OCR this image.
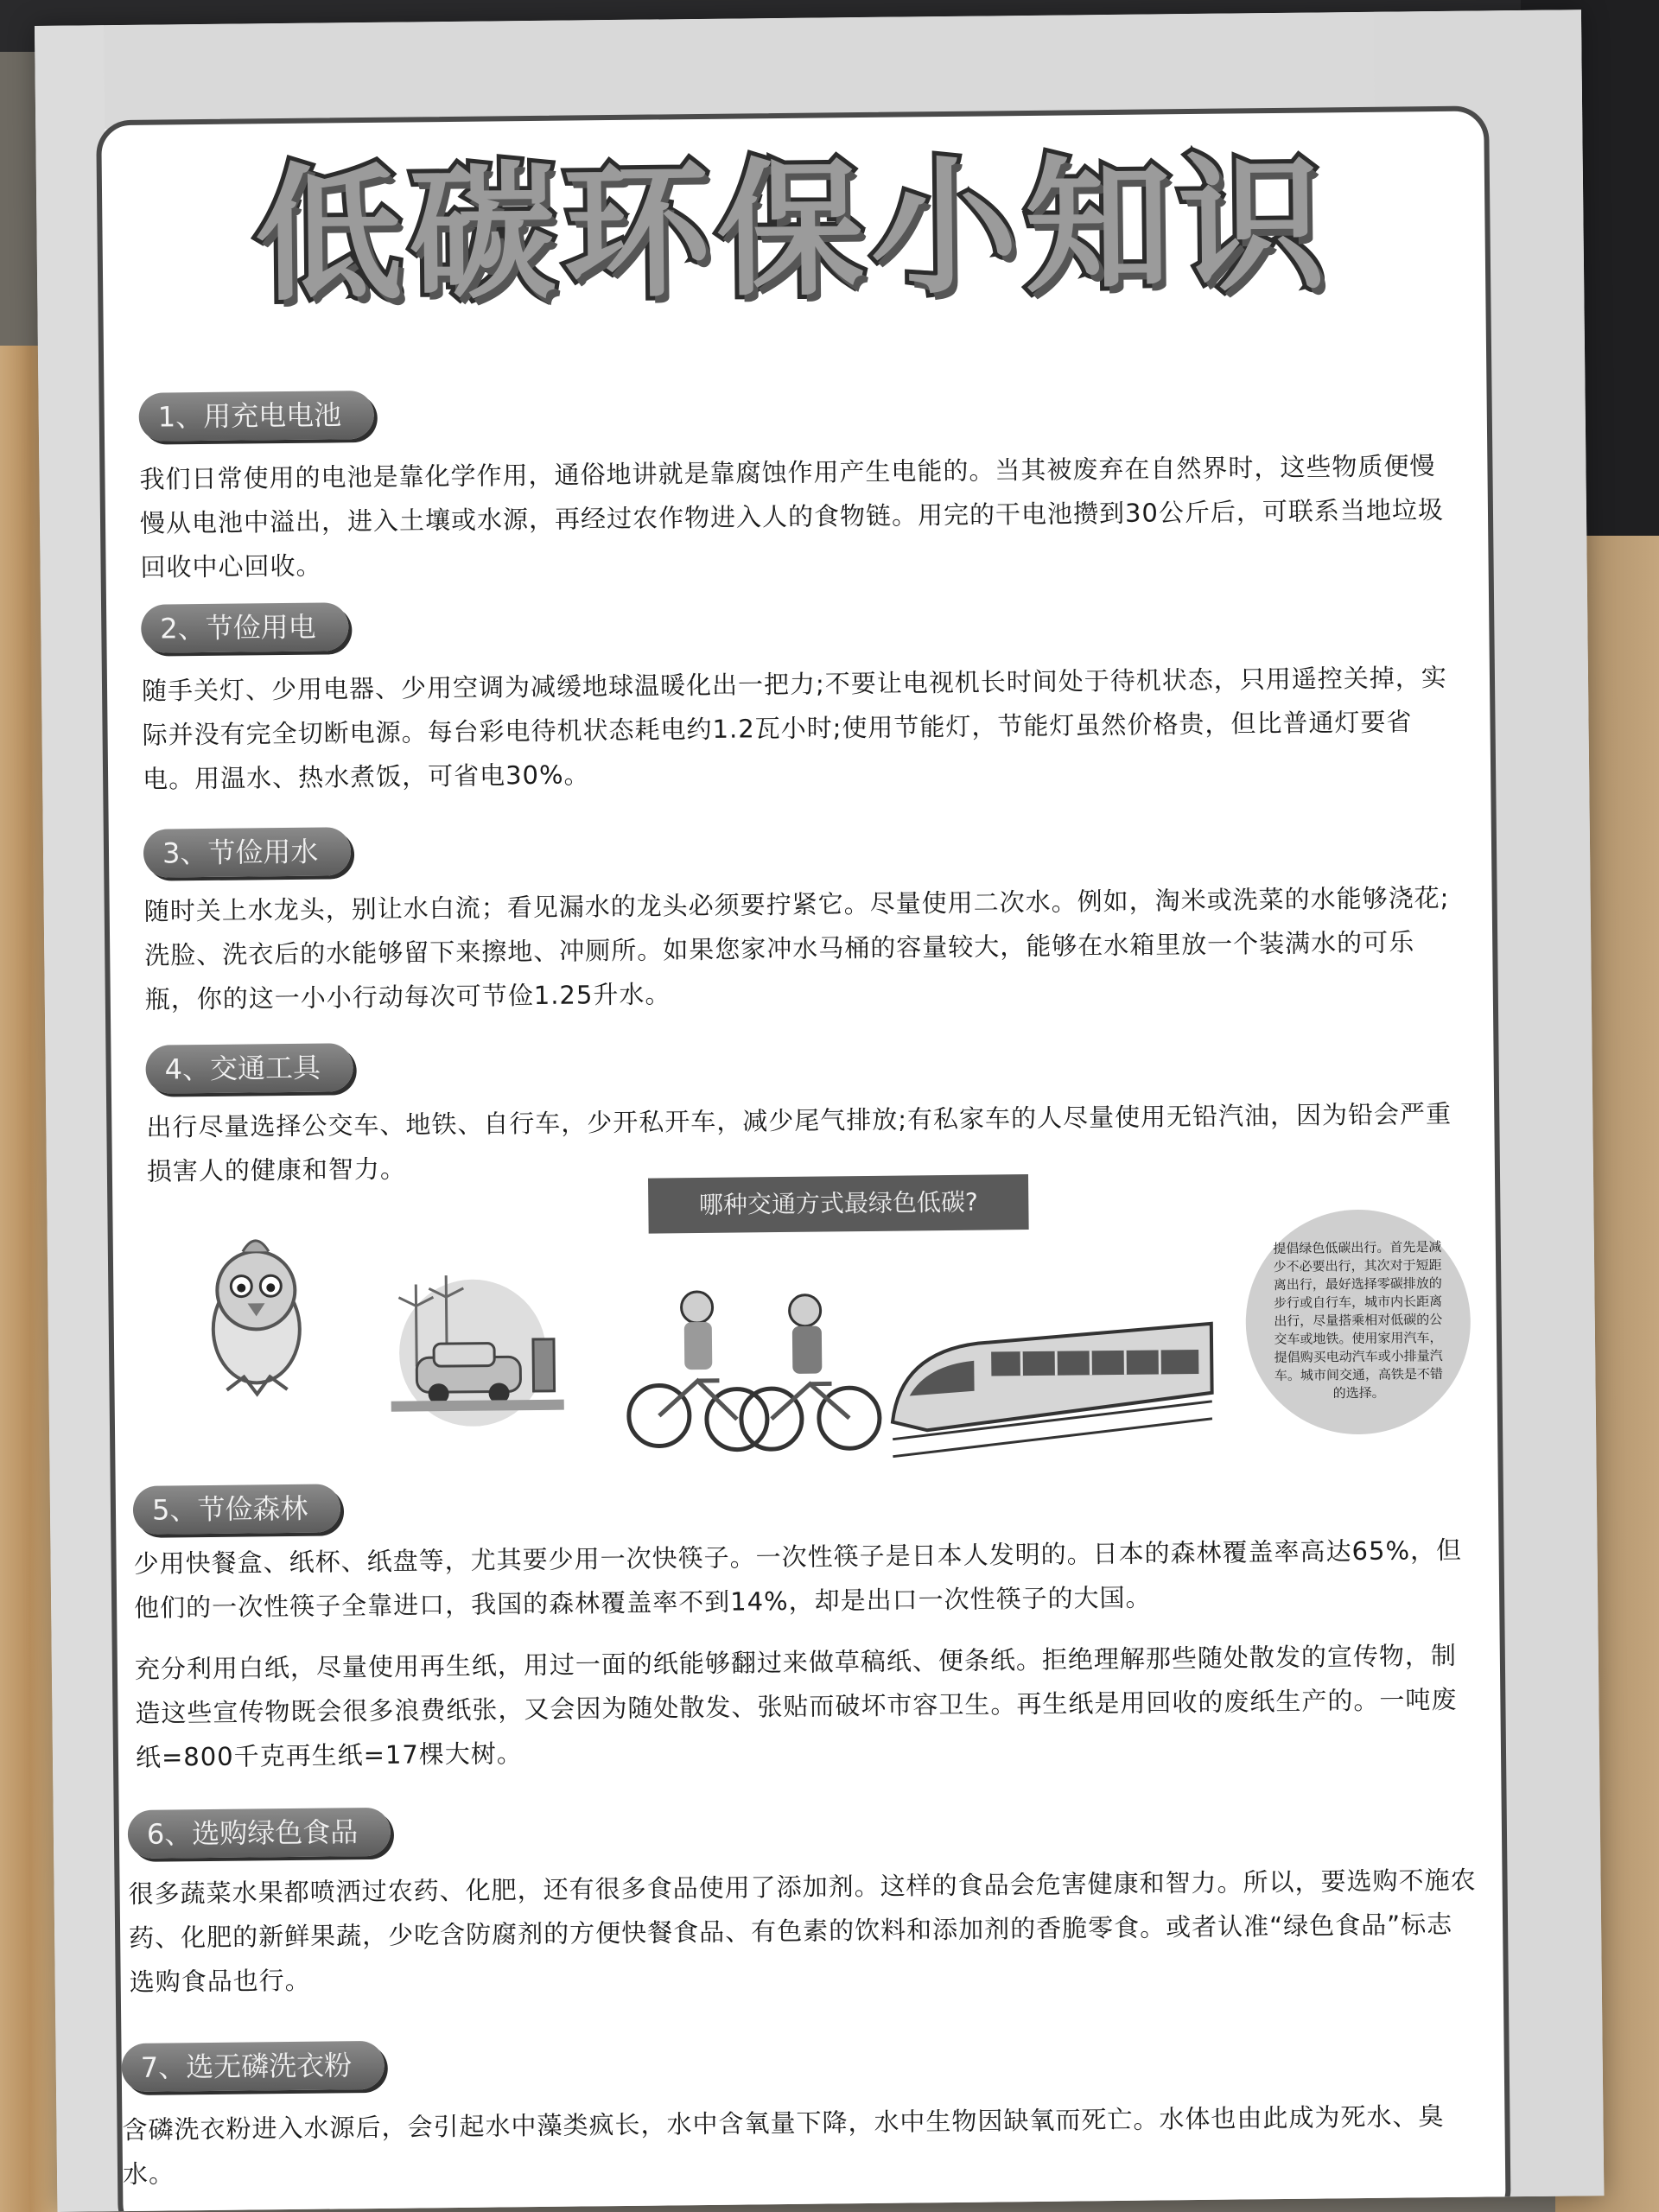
低碳环保小知识
1、用充电电池
我们日常使用的电池是靠化学作用，通俗地讲就是靠腐蚀作用产生电能的。当其被废弃在自然界时，这些物质便慢慢从电池中溢出，进入土壤或水源，再经过农作物进入人的食物链。用完的干电池攒到30公斤后，可联系当地垃圾回收中心回收。
2、节俭用电
随手关灯、少用电器、少用空调为减缓地球温暖化出一把力;不要让电视机长时间处于待机状态，只用遥控关掉，实际并没有完全切断电源。每台彩电待机状态耗电约1.2瓦小时;使用节能灯，节能灯虽然价格贵，但比普通灯要省电。用温水、热水煮饭，可省电30%。
3、节俭用水
随时关上水龙头，别让水白流；看见漏水的龙头必须要拧紧它。尽量使用二次水。例如，淘米或洗菜的水能够浇花;洗脸、洗衣后的水能够留下来擦地、冲厕所。如果您家冲水马桶的容量较大，能够在水箱里放一个装满水的可乐瓶，你的这一小小行动每次可节俭1.25升水。
4、交通工具
出行尽量选择公交车、地铁、自行车，少开私开车，减少尾气排放;有私家车的人尽量使用无铅汽油，因为铅会严重损害人的健康和智力。
哪种交通方式最绿色低碳?
提倡绿色低碳出行。首先是减少不必要出行，其次对于短距离出行，最好选择零碳排放的步行或自行车，城市内长距离出行，尽量搭乘相对低碳的公交车或地铁。使用家用汽车，提倡购买电动汽车或小排量汽车。城市间交通，高铁是不错的选择。
5、节俭森林
少用快餐盒、纸杯、纸盘等，尤其要少用一次快筷子。一次性筷子是日本人发明的。日本的森林覆盖率高达65%，但他们的一次性筷子全靠进口，我国的森林覆盖率不到14%，却是出口一次性筷子的大国。
充分利用白纸，尽量使用再生纸，用过一面的纸能够翻过来做草稿纸、便条纸。拒绝理解那些随处散发的宣传物，制造这些宣传物既会很多浪费纸张，又会因为随处散发、张贴而破坏市容卫生。再生纸是用回收的废纸生产的。一吨废纸=800千克再生纸=17棵大树。
6、选购绿色食品
很多蔬菜水果都喷洒过农药、化肥，还有很多食品使用了添加剂。这样的食品会危害健康和智力。所以，要选购不施农药、化肥的新鲜果蔬，少吃含防腐剂的方便快餐食品、有色素的饮料和添加剂的香脆零食。或者认准“绿色食品”标志选购食品也行。
7、选无磷洗衣粉
含磷洗衣粉进入水源后，会引起水中藻类疯长，水中含氧量下降，水中生物因缺氧而死亡。水体也由此成为死水、臭水。
